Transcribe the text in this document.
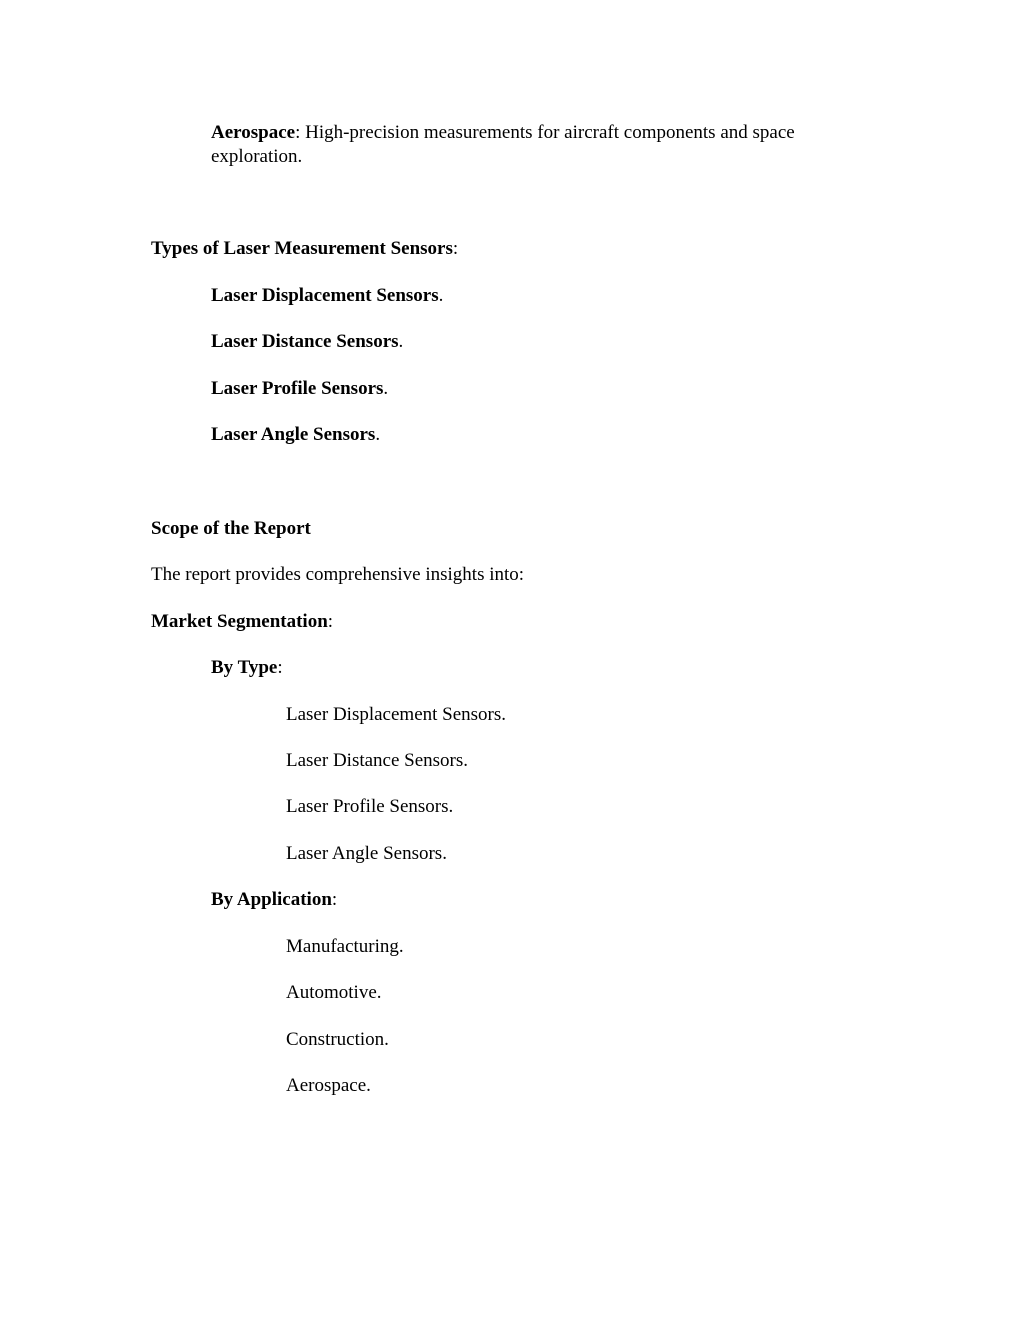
Aerospace: High-precision measurements for aircraft components and space
exploration.
Types of Laser Measurement Sensors:
Laser Displacement Sensors.
Laser Distance Sensors.
Laser Profile Sensors.
Laser Angle Sensors.
Scope of the Report
The report provides comprehensive insights into:
Market Segmentation:
By Type:
Laser Displacement Sensors.
Laser Distance Sensors.
Laser Profile Sensors.
Laser Angle Sensors.
By Application:
Manufacturing.
Automotive.
Construction.
Aerospace.
